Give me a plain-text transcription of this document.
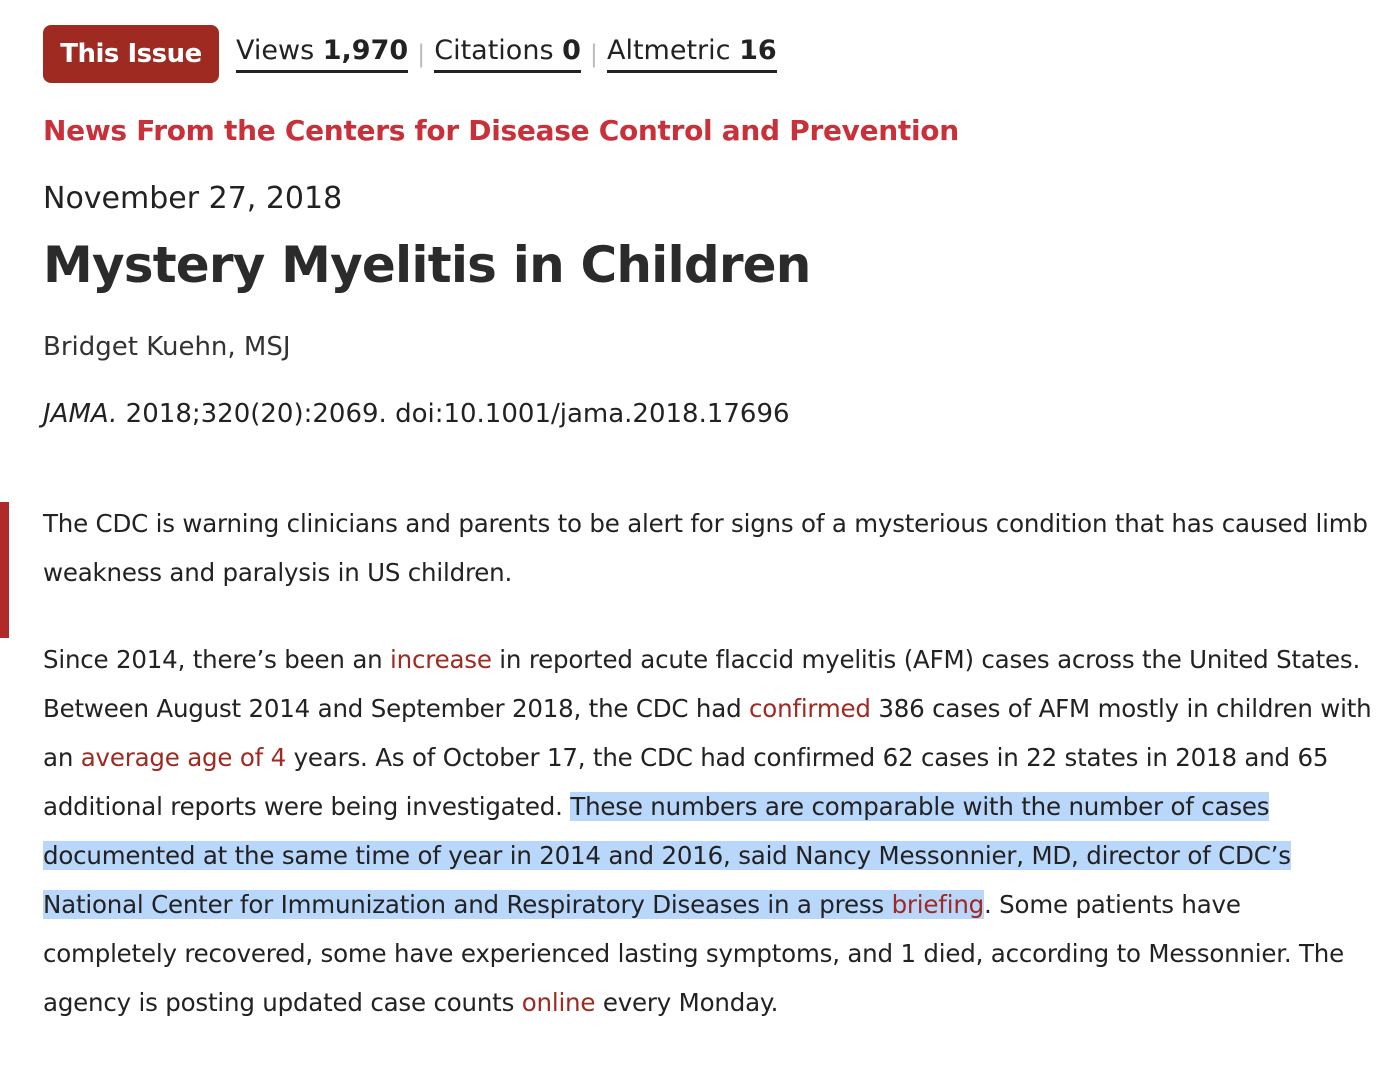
This Issue	Views 1,970 | Citations 0 | Altmetric 16
News From the Centers for Disease Control and Prevention
November 27, 2018
Mystery Myelitis in Children
Bridget Kuehn, MSJ
JAMA. 2018;320(20):2069. doi:10.1001/jama.2018.17696

The CDC is warning clinicians and parents to be alert for signs of a mysterious condition that has caused limb weakness and paralysis in US children.

Since 2014, there’s been an increase in reported acute flaccid myelitis (AFM) cases across the United States. Between August 2014 and September 2018, the CDC had confirmed 386 cases of AFM mostly in children with an average age of 4 years. As of October 17, the CDC had confirmed 62 cases in 22 states in 2018 and 65 additional reports were being investigated. These numbers are comparable with the number of cases documented at the same time of year in 2014 and 2016, said Nancy Messonnier, MD, director of CDC’s National Center for Immunization and Respiratory Diseases in a press briefing. Some patients have completely recovered, some have experienced lasting symptoms, and 1 died, according to Messonnier. The agency is posting updated case counts online every Monday.
